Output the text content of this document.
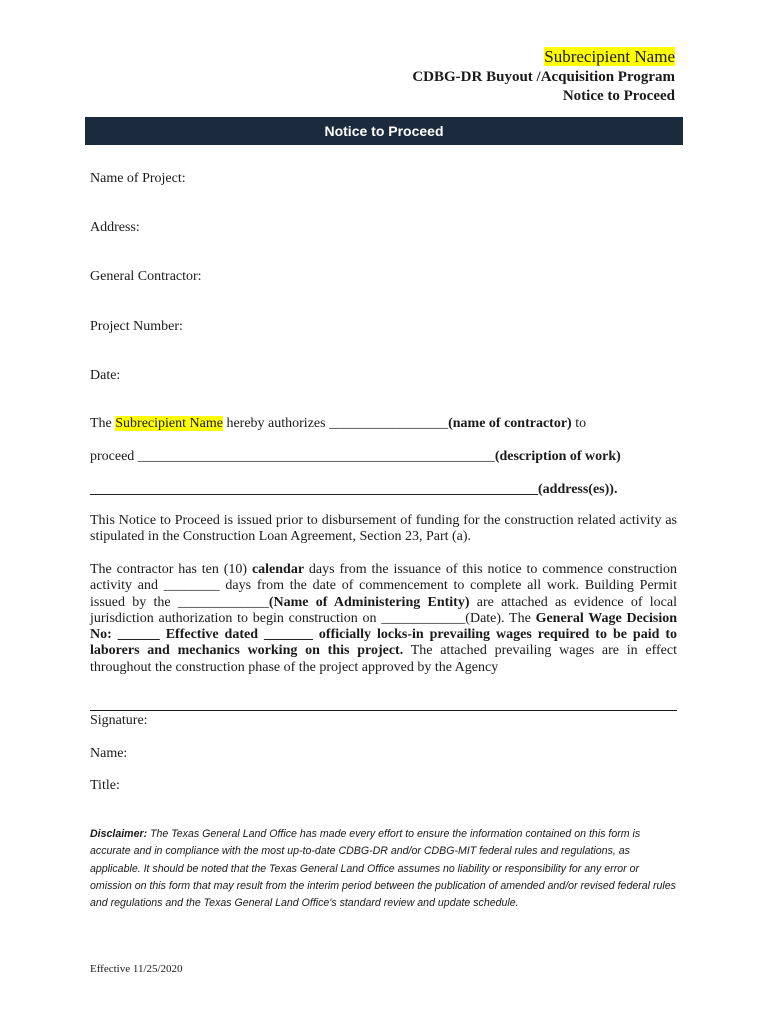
Subrecipient Name
CDBG-DR Buyout /Acquisition Program
Notice to Proceed
Notice to Proceed
Name of Project:
Address:
General Contractor:
Project Number:
Date:
The Subrecipient Name hereby authorizes _________________(name of contractor) to
proceed ___________________________________________________(description of work)
________________________________________________________________(address(es)).
This Notice to Proceed is issued prior to disbursement of funding for the construction related activity as stipulated in the Construction Loan Agreement, Section 23, Part (a).
The contractor has ten (10) calendar days from the issuance of this notice to commence construction activity and ________ days from the date of commencement to complete all work. Building Permit issued by the _____________(Name of Administering Entity) are attached as evidence of local jurisdiction authorization to begin construction on ____________(Date). The General Wage Decision No: ______ Effective dated _______ officially locks-in prevailing wages required to be paid to laborers and mechanics working on this project. The attached prevailing wages are in effect throughout the construction phase of the project approved by the Agency
Signature:
Name:
Title:
Disclaimer: The Texas General Land Office has made every effort to ensure the information contained on this form is accurate and in compliance with the most up-to-date CDBG-DR and/or CDBG-MIT federal rules and regulations, as applicable. It should be noted that the Texas General Land Office assumes no liability or responsibility for any error or omission on this form that may result from the interim period between the publication of amended and/or revised federal rules and regulations and the Texas General Land Office's standard review and update schedule.
Effective 11/25/2020
